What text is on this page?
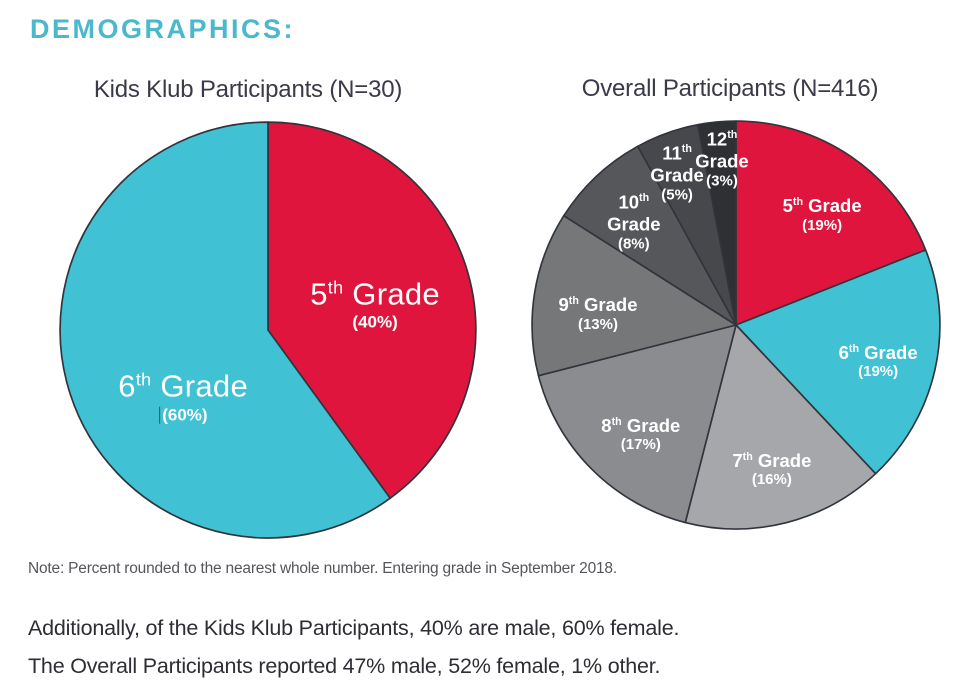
DEMOGRAPHICS:
Kids Klub Participants (N=30)
5th Grade
(40%)
6th Grade
(60%)
Overall Participants (N=416)
5th Grade
(19%)
6th Grade
(19%)
7th Grade
(16%)
8th Grade
(17%)
9th Grade
(13%)
10th
Grade
(8%)
11th
Grade
(5%)
12th
Grade
(3%)
Note: Percent rounded to the nearest whole number. Entering grade in September 2018.

Additionally, of the Kids Klub Participants, 40% are male, 60% female.

The Overall Participants reported 47% male, 52% female, 1% other.
